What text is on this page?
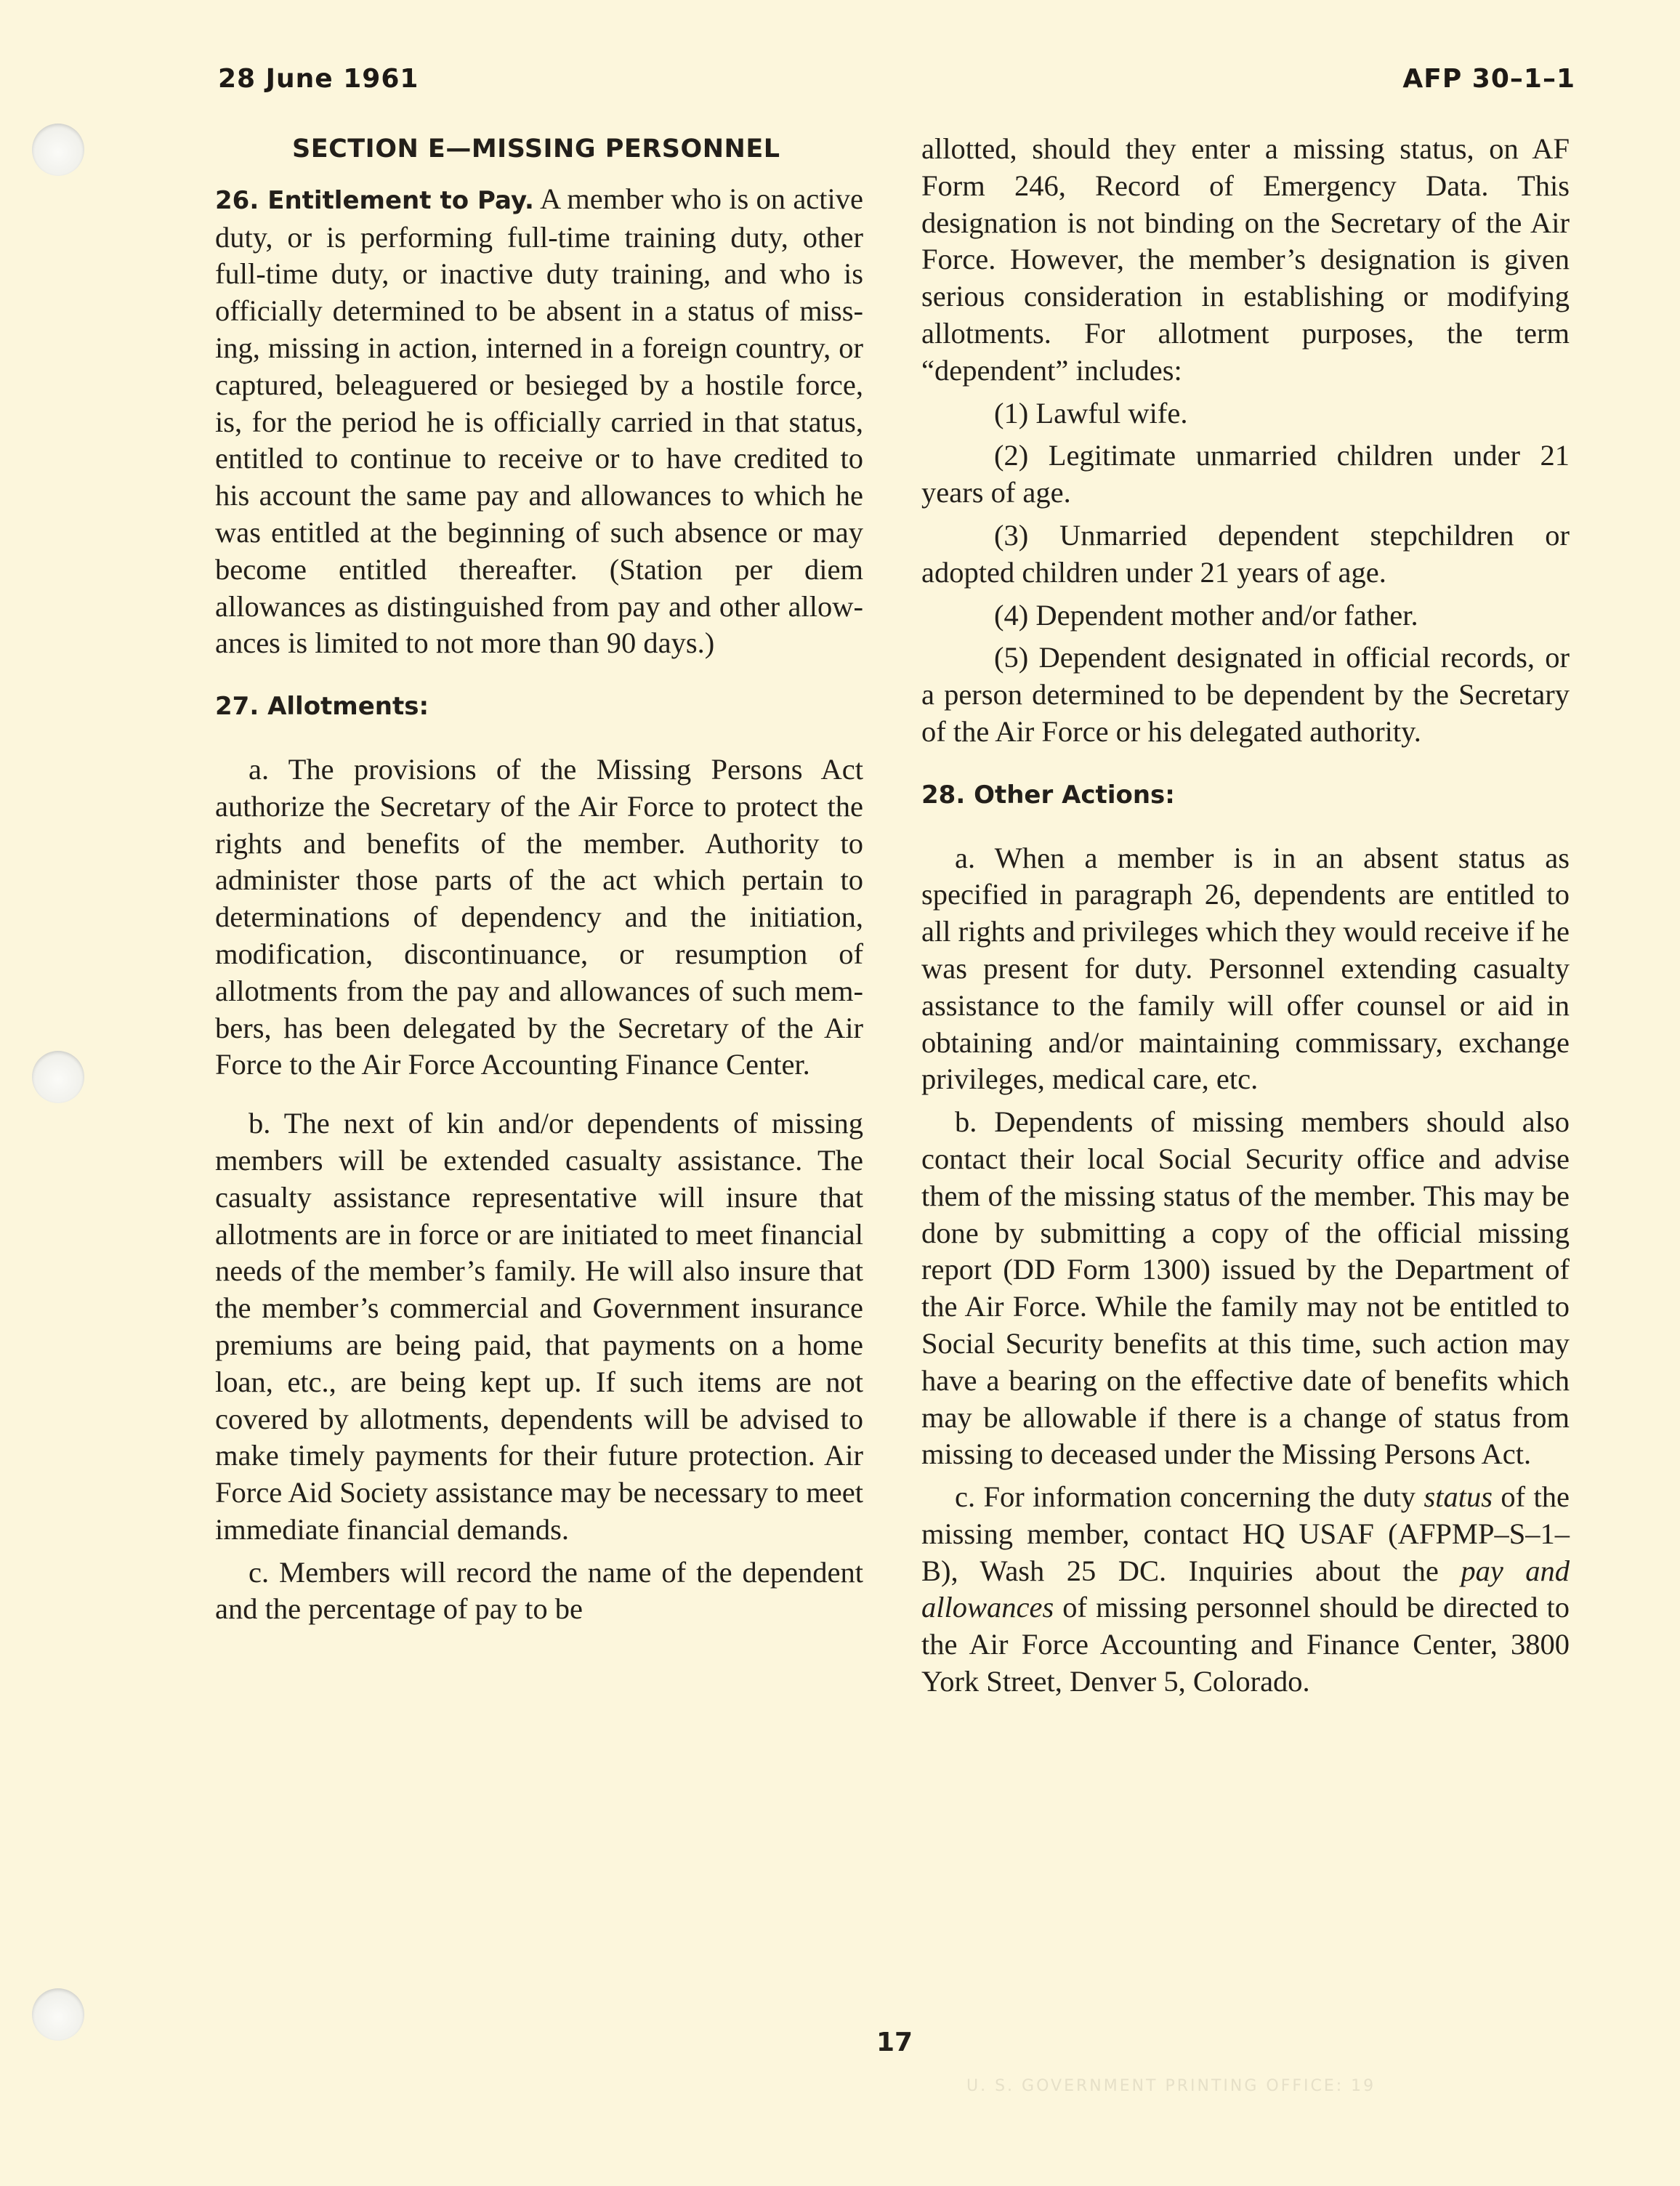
28 June 1961	AFP 30–1–1
SECTION E—MISSING PERSONNEL

26. Entitlement to Pay. A member who is on active duty, or is performing full-time training duty, other full-time duty, or inactive duty training, and who is officially determined to be absent in a status of missing, missing in action, interned in a foreign country, or captured, beleaguered or besieged by a hostile force, is, for the period he is officially carried in that status, entitled to continue to receive or to have credited to his account the same pay and allowances to which he was entitled at the beginning of such absence or may become entitled thereafter. (Station per diem allowances as distinguished from pay and other allowances is limited to not more than 90 days.)

27. Allotments:

a. The provisions of the Missing Persons Act authorize the Secretary of the Air Force to protect the rights and benefits of the member. Authority to administer those parts of the act which pertain to determinations of dependency and the initiation, modification, discontinuance, or resumption of allotments from the pay and allowances of such members, has been delegated by the Secretary of the Air Force to the Air Force Accounting Finance Center.

b. The next of kin and/or dependents of missing members will be extended casualty assistance. The casualty assistance representative will insure that allotments are in force or are initiated to meet financial needs of the member’s family. He will also insure that the member’s commercial and Government insurance premiums are being paid, that payments on a home loan, etc., are being kept up. If such items are not covered by allotments, dependents will be advised to make timely payments for their future protection. Air Force Aid Society assistance may be necessary to meet immediate financial demands.

c. Members will record the name of the dependent and the percentage of pay to be

allotted, should they enter a missing status, on AF Form 246, Record of Emergency Data. This designation is not binding on the Secretary of the Air Force. However, the member’s designation is given serious consideration in establishing or modifying allotments. For allotment purposes, the term “dependent” includes:

(1) Lawful wife.

(2) Legitimate unmarried children under 21 years of age.

(3) Unmarried dependent stepchildren or adopted children under 21 years of age.

(4) Dependent mother and/or father.

(5) Dependent designated in official records, or a person determined to be dependent by the Secretary of the Air Force or his delegated authority.

28. Other Actions:

a. When a member is in an absent status as specified in paragraph 26, dependents are entitled to all rights and privileges which they would receive if he was present for duty. Personnel extending casualty assistance to the family will offer counsel or aid in obtaining and/or maintaining commissary, exchange privileges, medical care, etc.

b. Dependents of missing members should also contact their local Social Security office and advise them of the missing status of the member. This may be done by submitting a copy of the official missing report (DD Form 1300) issued by the Department of the Air Force. While the family may not be entitled to Social Security benefits at this time, such action may have a bearing on the effective date of benefits which may be allowable if there is a change of status from missing to deceased under the Missing Persons Act.

c. For information concerning the duty status of the missing member, contact HQ USAF (AFPMP–S–1–B), Wash 25 DC. Inquiries about the pay and allowances of missing personnel should be directed to the Air Force Accounting and Finance Center, 3800 York Street, Denver 5, Colorado.

17
U. S. GOVERNMENT PRINTING OFFICE: 19
